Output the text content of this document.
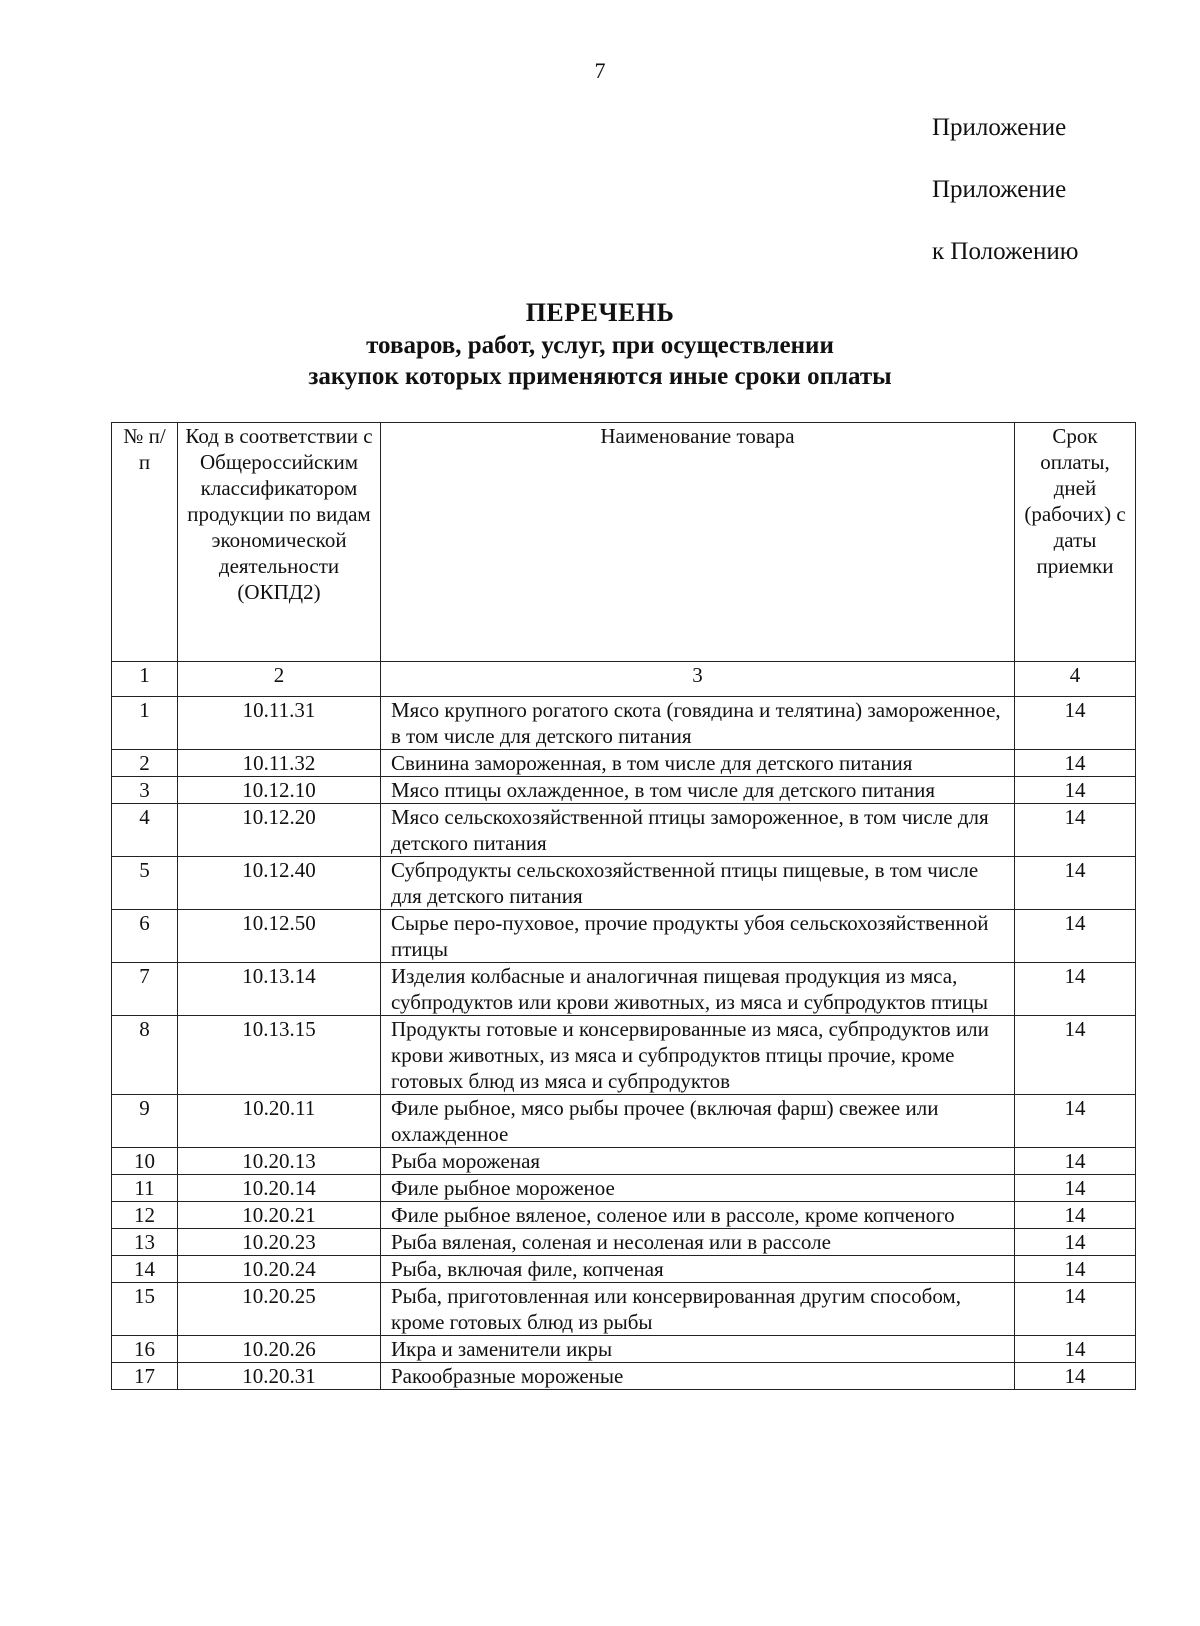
7
Приложение
Приложение
к Положению
ПЕРЕЧЕНЬ
товаров, работ, услуг, при осуществлении
закупок которых применяются иные сроки оплаты
№ п/п	Код в соответствии с Общероссийским классификатором продукции по видам экономической деятельности (ОКПД2)	Наименование товара	Срок оплаты, дней (рабочих) с даты приемки
1	2	3	4
1	10.11.31	Мясо крупного рогатого скота (говядина и телятина) замороженное, в том числе для детского питания	14
2	10.11.32	Свинина замороженная, в том числе для детского питания	14
3	10.12.10	Мясо птицы охлажденное, в том числе для детского питания	14
4	10.12.20	Мясо сельскохозяйственной птицы замороженное, в том числе для детского питания	14
5	10.12.40	Субпродукты сельскохозяйственной птицы пищевые, в том числе для детского питания	14
6	10.12.50	Сырье перо-пуховое, прочие продукты убоя сельскохозяйственной птицы	14
7	10.13.14	Изделия колбасные и аналогичная пищевая продукция из мяса, субпродуктов или крови животных, из мяса и субпродуктов птицы	14
8	10.13.15	Продукты готовые и консервированные из мяса, субпродуктов или крови животных, из мяса и субпродуктов птицы прочие, кроме готовых блюд из мяса и субпродуктов	14
9	10.20.11	Филе рыбное, мясо рыбы прочее (включая фарш) свежее или охлажденное	14
10	10.20.13	Рыба мороженая	14
11	10.20.14	Филе рыбное мороженое	14
12	10.20.21	Филе рыбное вяленое, соленое или в рассоле, кроме копченого	14
13	10.20.23	Рыба вяленая, соленая и несоленая или в рассоле	14
14	10.20.24	Рыба, включая филе, копченая	14
15	10.20.25	Рыба, приготовленная или консервированная другим способом, кроме готовых блюд из рыбы	14
16	10.20.26	Икра и заменители икры	14
17	10.20.31	Ракообразные мороженые	14
